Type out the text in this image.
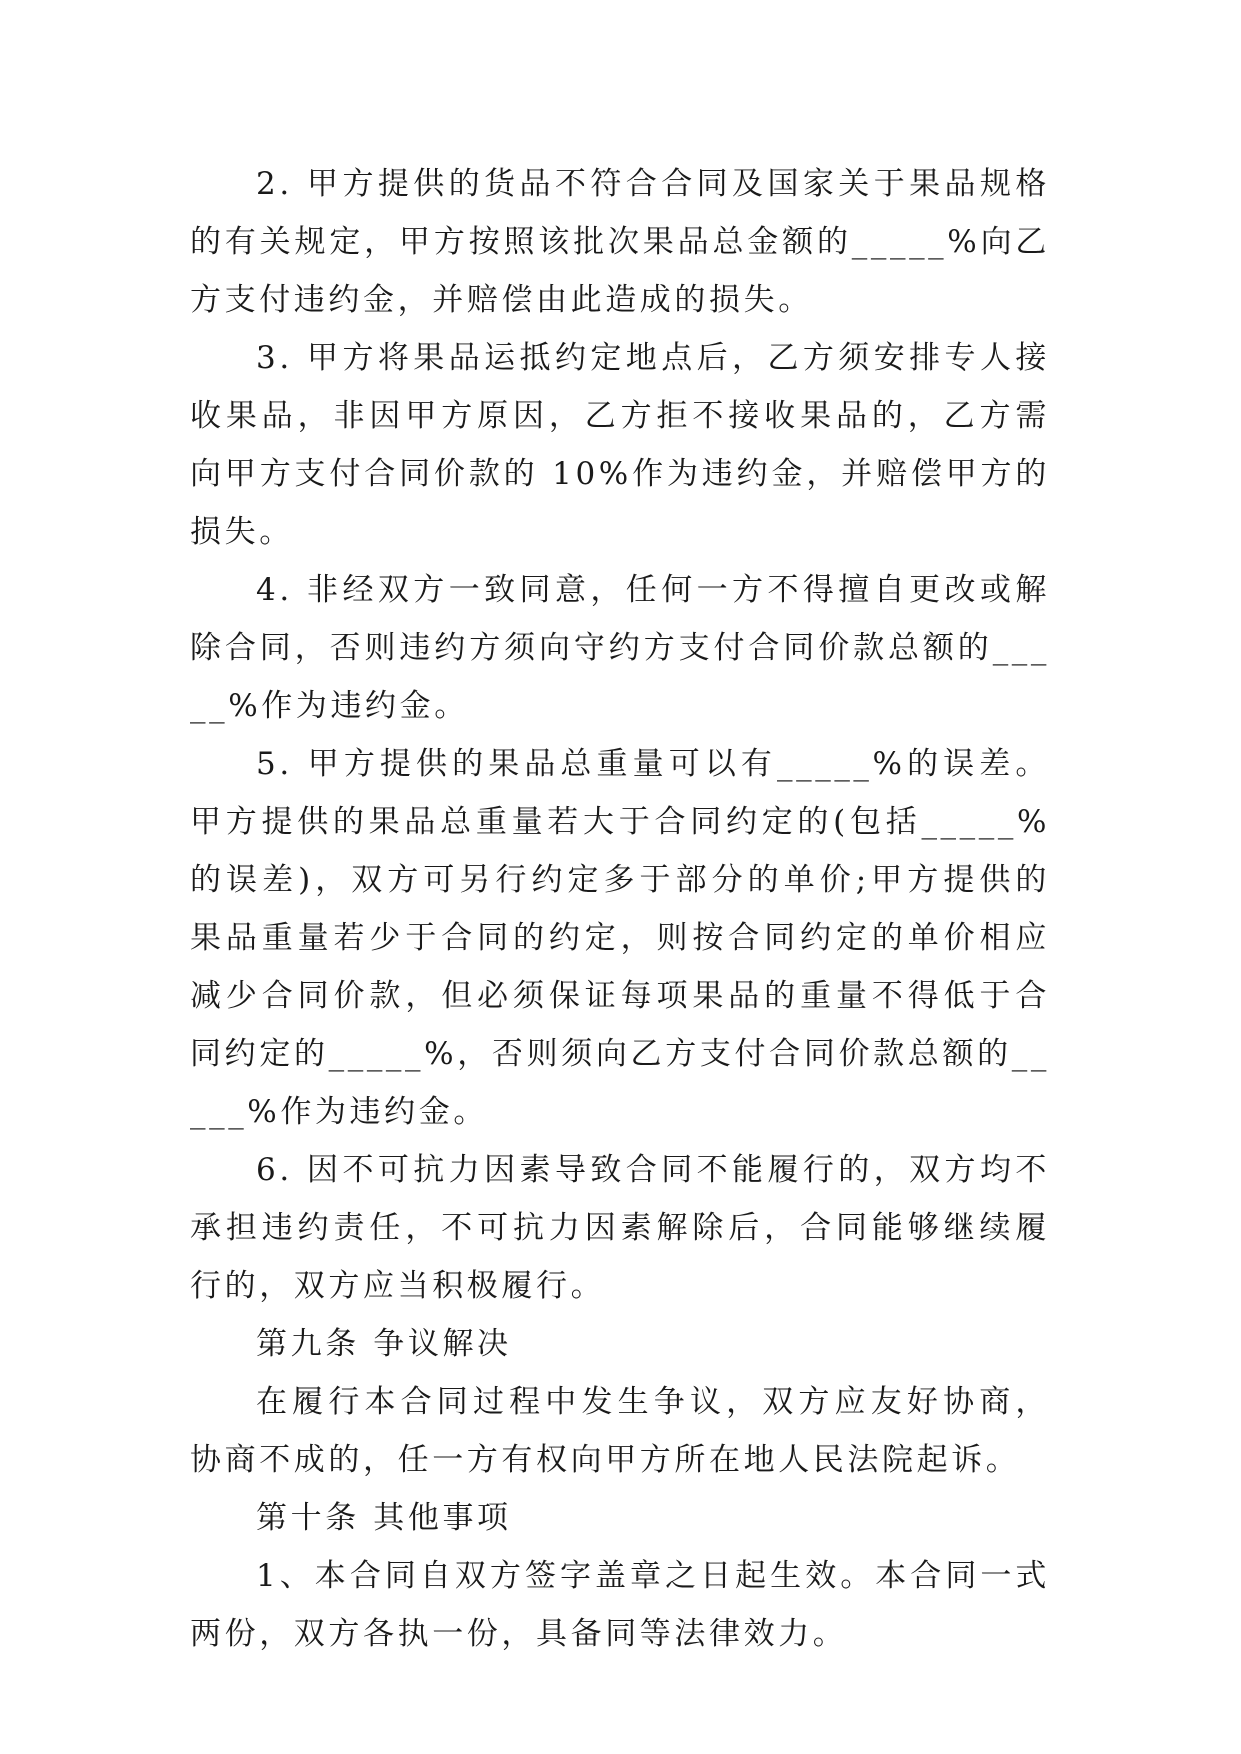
2. 甲方提供的货品不符合合同及国家关于果品规格的有关规定，甲方按照该批次果品总金额的_____%向乙方支付违约金，并赔偿由此造成的损失。

3. 甲方将果品运抵约定地点后，乙方须安排专人接收果品，非因甲方原因，乙方拒不接收果品的，乙方需向甲方支付合同价款的 10%作为违约金，并赔偿甲方的损失。

4. 非经双方一致同意，任何一方不得擅自更改或解除合同，否则违约方须向守约方支付合同价款总额的_____%作为违约金。

5. 甲方提供的果品总重量可以有_____%的误差。甲方提供的果品总重量若大于合同约定的(包括_____%的误差)，双方可另行约定多于部分的单价;甲方提供的果品重量若少于合同的约定，则按合同约定的单价相应减少合同价款，但必须保证每项果品的重量不得低于合同约定的_____%，否则须向乙方支付合同价款总额的_____%作为违约金。

6. 因不可抗力因素导致合同不能履行的，双方均不承担违约责任，不可抗力因素解除后，合同能够继续履行的，双方应当积极履行。

第九条 争议解决

在履行本合同过程中发生争议，双方应友好协商，协商不成的，任一方有权向甲方所在地人民法院起诉。

第十条 其他事项

1、本合同自双方签字盖章之日起生效。本合同一式两份，双方各执一份，具备同等法律效力。
